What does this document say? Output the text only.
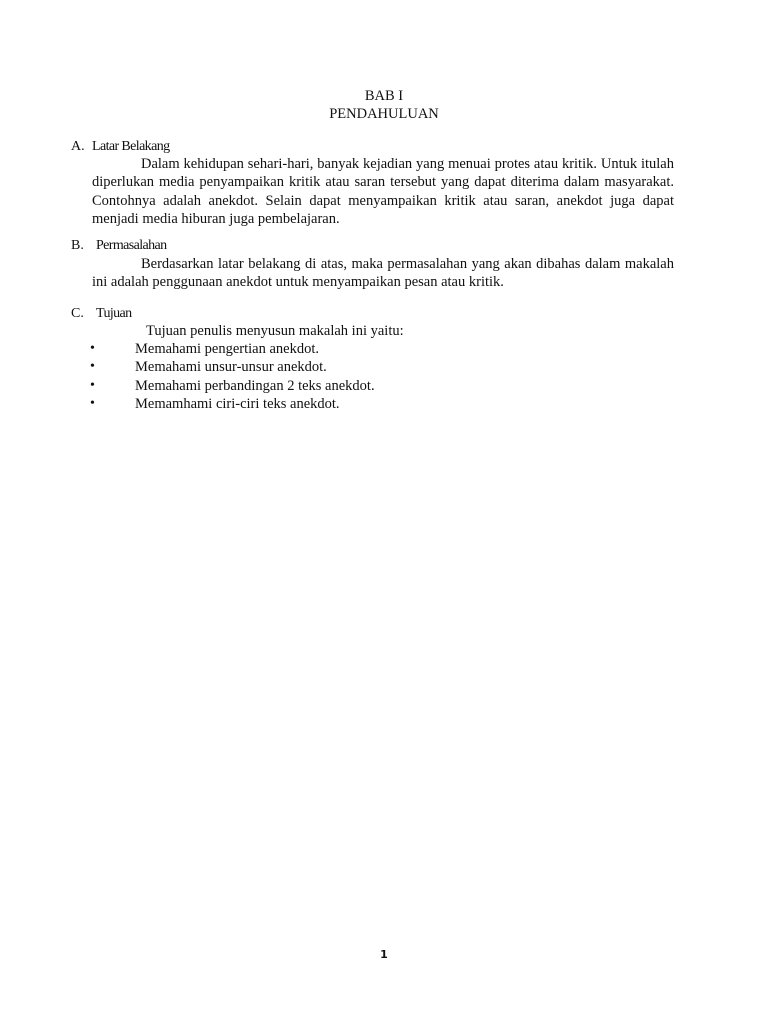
BAB I
PENDAHULUAN
A. Latar Belakang

Dalam kehidupan sehari-hari, banyak kejadian yang menuai protes atau kritik. Untuk itulah diperlukan media penyampaikan kritik atau saran tersebut yang dapat diterima dalam masyarakat. Contohnya adalah anekdot. Selain dapat menyampaikan kritik atau saran, anekdot juga dapat menjadi media hiburan juga pembelajaran.

B. Permasalahan

Berdasarkan latar belakang di atas, maka permasalahan yang akan dibahas dalam makalah ini adalah penggunaan anekdot untuk menyampaikan pesan atau kritik.

C. Tujuan

Tujuan penulis menyusun makalah ini yaitu:

•	Memahami pengertian anekdot.
•	Memahami unsur-unsur anekdot.
•	Memahami perbandingan 2 teks anekdot.
•	Memamhami ciri-ciri teks anekdot.
1
